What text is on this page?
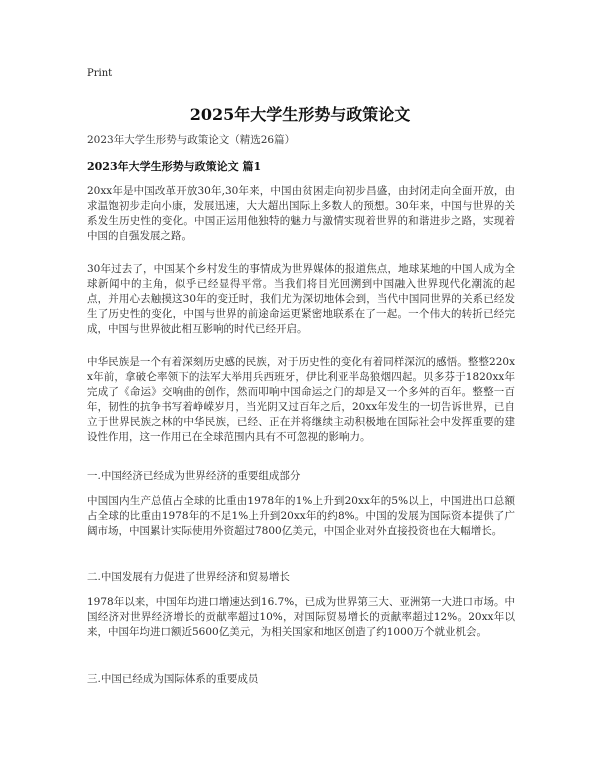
Print
2025年大学生形势与政策论文
2023年大学生形势与政策论文（精选26篇）
2023年大学生形势与政策论文 篇1

20xx年是中国改革开放30年,30年来，中国由贫困走向初步昌盛，由封闭走向全面开放，由求温饱初步走向小康，发展迅速，大大超出国际上多数人的预想。30年来，中国与世界的关系发生历史性的变化。中国正运用他独特的魅力与激情实现着世界的和谐进步之路，实现着中国的自强发展之路。

30年过去了，中国某个乡村发生的事情成为世界媒体的报道焦点，地球某地的中国人成为全球新闻中的主角，似乎已经显得平常。当我们将目光回溯到中国融入世界现代化潮流的起点，并用心去触摸这30年的变迁时，我们尤为深切地体会到，当代中国同世界的关系已经发生了历史性的变化，中国与世界的前途命运更紧密地联系在了一起。一个伟大的转折已经完成，中国与世界彼此相互影响的时代已经开启。

中华民族是一个有着深刻历史感的民族，对于历史性的变化有着同样深沉的感悟。整整220xx年前，拿破仑率领下的法军大举用兵西班牙，伊比利亚半岛狼烟四起。贝多芬于1820xx年完成了《命运》交响曲的创作，然而叩响中国命运之门的却是又一个多舛的百年。整整一百年，韧性的抗争书写着峥嵘岁月，当光阴又过百年之后，20xx年发生的一切告诉世界，已自立于世界民族之林的中华民族，已经、正在并将继续主动积极地在国际社会中发挥重要的建设性作用，这一作用已在全球范围内具有不可忽视的影响力。

一.中国经济已经成为世界经济的重要组成部分

中国国内生产总值占全球的比重由1978年的1%上升到20xx年的5%以上，中国进出口总额占全球的比重由1978年的不足1%上升到20xx年的约8%。中国的发展为国际资本提供了广阔市场，中国累计实际使用外资超过7800亿美元，中国企业对外直接投资也在大幅增长。

二.中国发展有力促进了世界经济和贸易增长

1978年以来，中国年均进口增速达到16.7%，已成为世界第三大、亚洲第一大进口市场。中国经济对世界经济增长的贡献率超过10%，对国际贸易增长的贡献率超过12%。20xx年以来，中国年均进口额近5600亿美元，为相关国家和地区创造了约1000万个就业机会。

三.中国已经成为国际体系的重要成员
